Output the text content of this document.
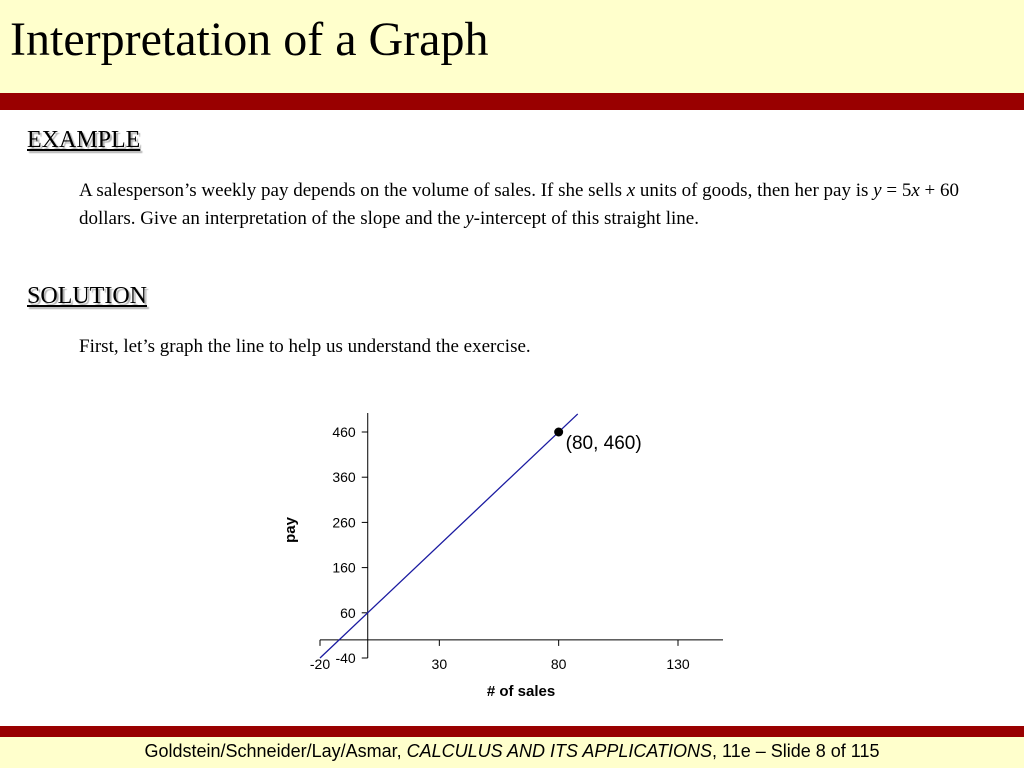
Interpretation of a Graph
EXAMPLE
A salesperson’s weekly pay depends on the volume of sales. If she sells x units of goods, then her pay is y = 5x + 60 dollars. Give an interpretation of the slope and the y-intercept of this straight line.
SOLUTION
First, let’s graph the line to help us understand the exercise.
-20	30	80	130
-40
60
160
260
360
460
(80, 460)
# of sales
pay
Goldstein/Schneider/Lay/Asmar, CALCULUS AND ITS APPLICATIONS, 11e – Slide 8 of 115
